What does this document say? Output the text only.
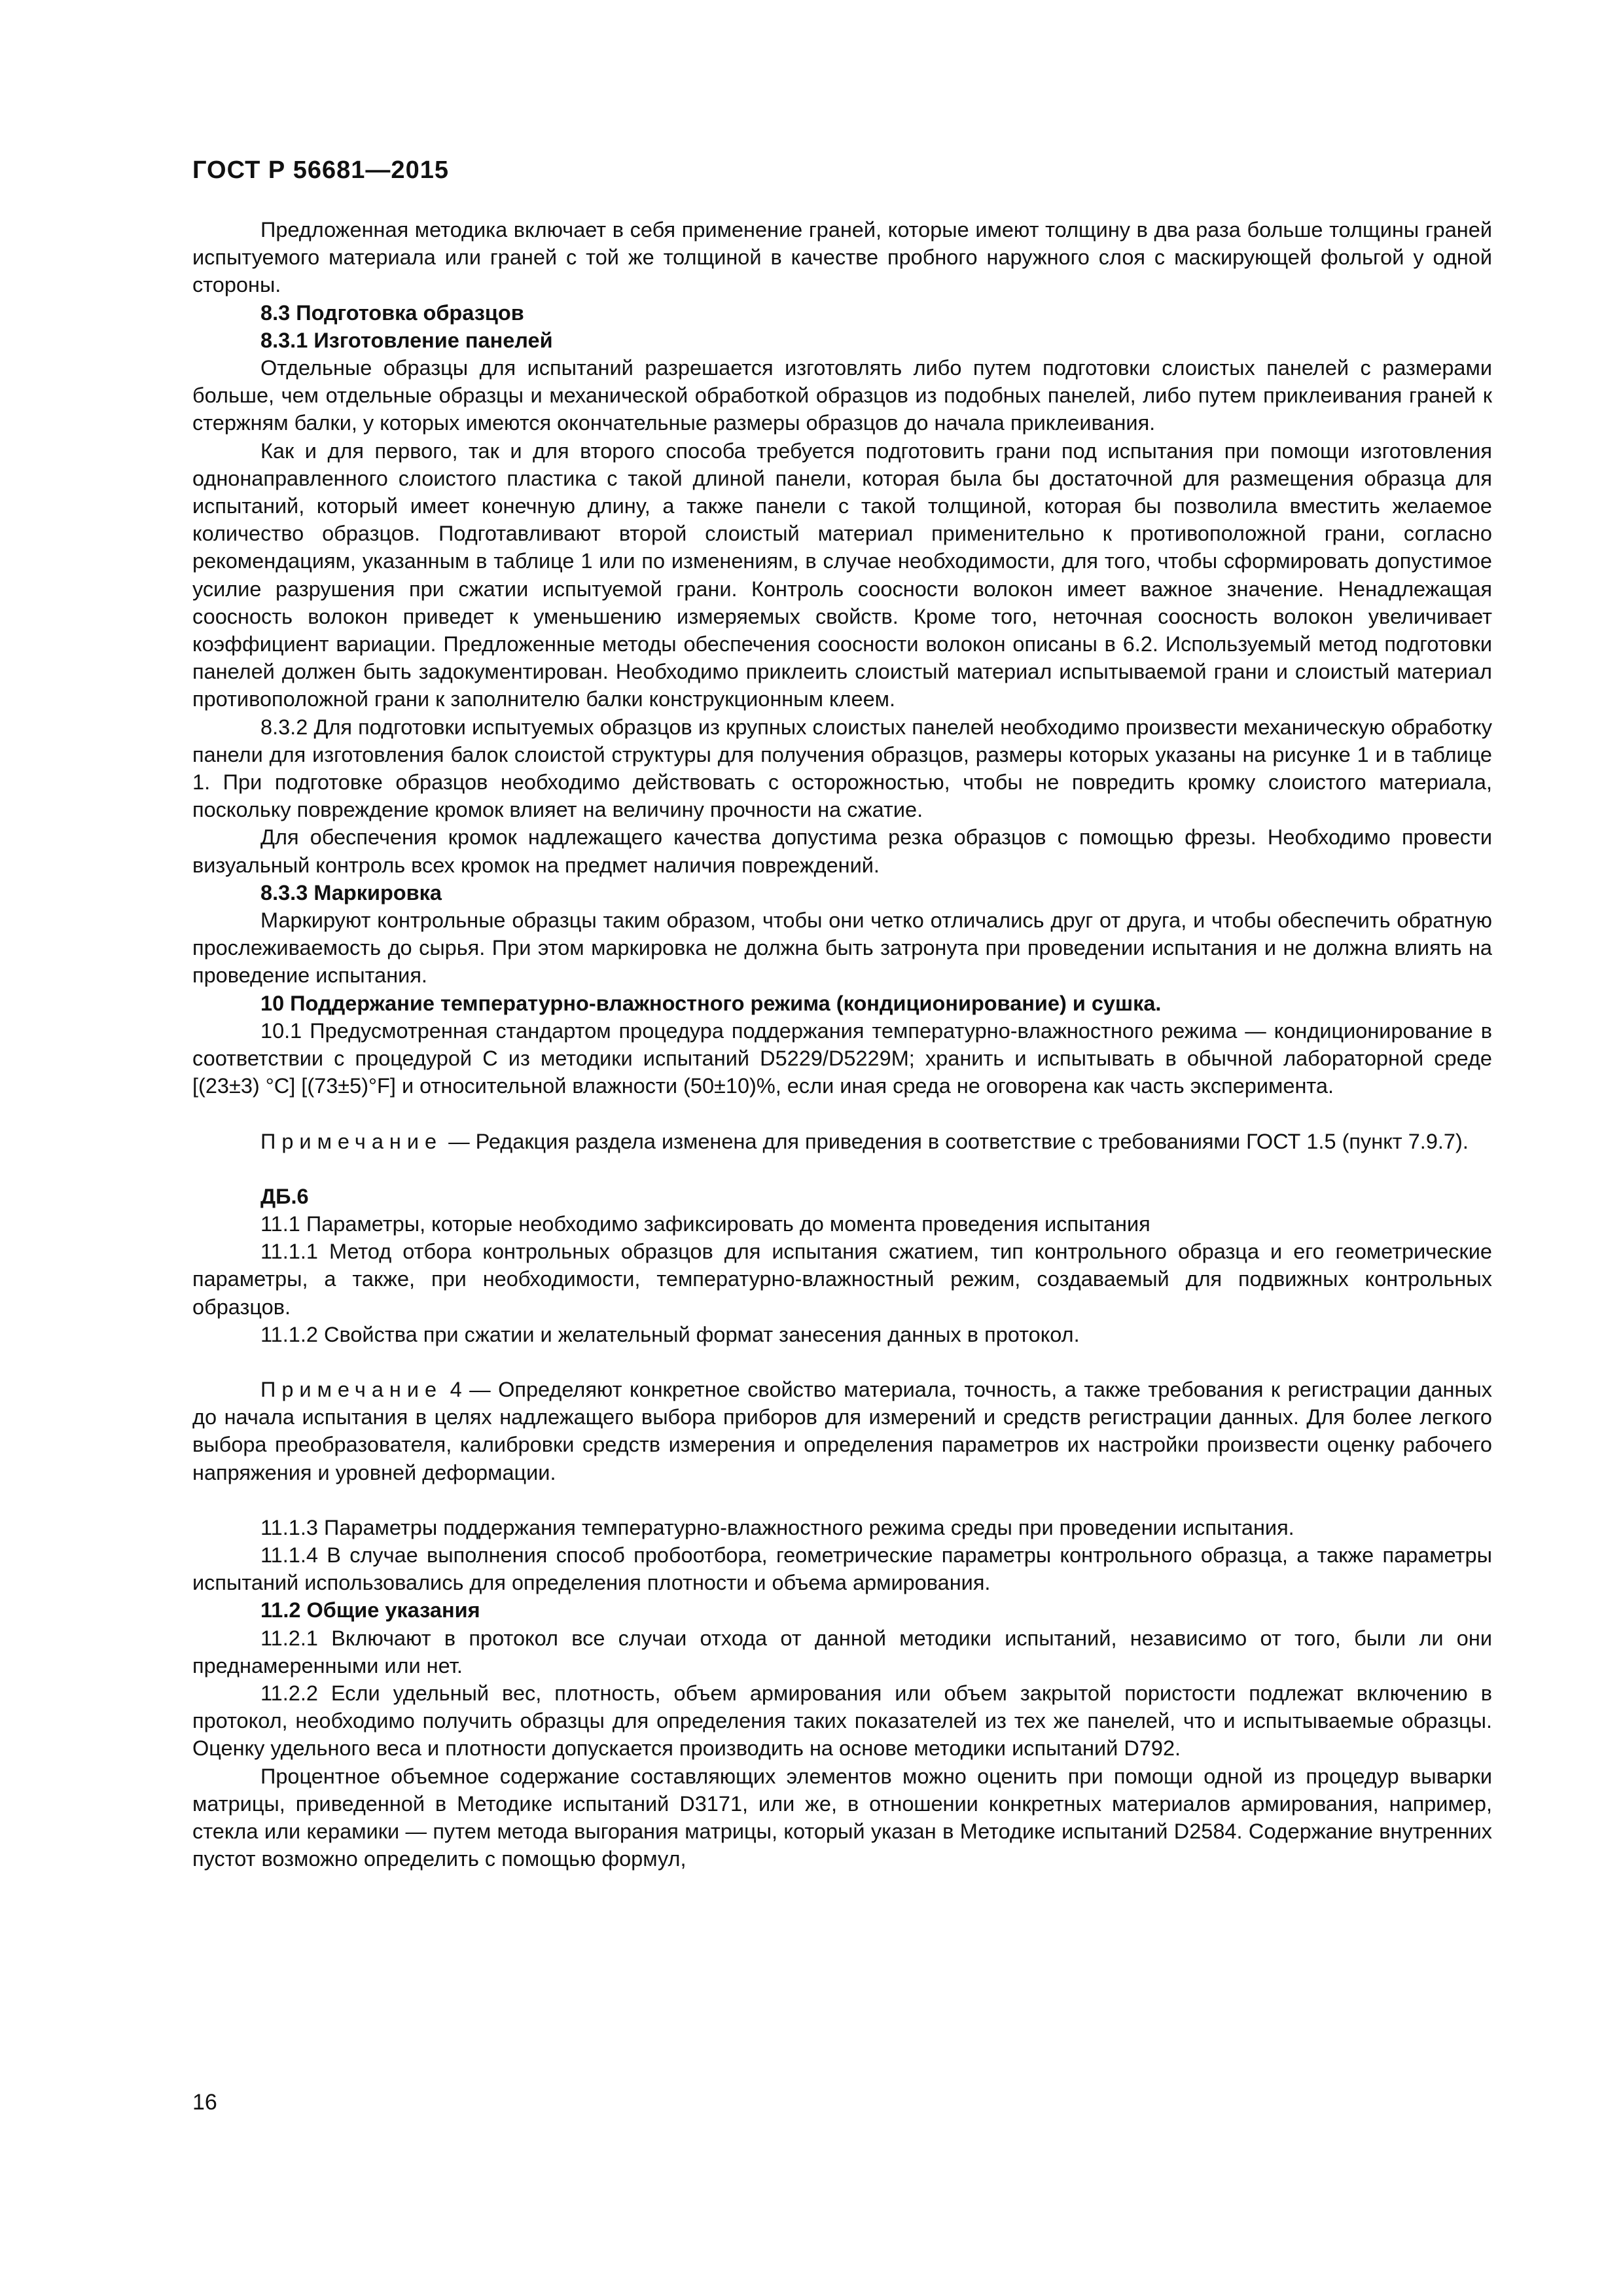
ГОСТ Р 56681—2015

Предложенная методика включает в себя применение граней, которые имеют толщину в два раза больше толщины граней испытуемого материала или граней с той же толщиной в качестве пробного наружного слоя с маскирующей фольгой у одной стороны.

8.3 Подготовка образцов

8.3.1 Изготовление панелей

Отдельные образцы для испытаний разрешается изготовлять либо путем подготовки слоистых панелей с размерами больше, чем отдельные образцы и механической обработкой образцов из подобных панелей, либо путем приклеивания граней к стержням балки, у которых имеются окончательные размеры образцов до начала приклеивания.

Как и для первого, так и для второго способа требуется подготовить грани под испытания при помощи изготовления однонаправленного слоистого пластика с такой длиной панели, которая была бы достаточной для размещения образца для испытаний, который имеет конечную длину, а также панели с такой толщиной, которая бы позволила вместить желаемое количество образцов. Подготавливают второй слоистый материал применительно к противоположной грани, согласно рекомендациям, указанным в таблице 1 или по изменениям, в случае необходимости, для того, чтобы сформировать допустимое усилие разрушения при сжатии испытуемой грани. Контроль соосности волокон имеет важное значение. Ненадлежащая соосность волокон приведет к уменьшению измеряемых свойств. Кроме того, неточная соосность волокон увеличивает коэффициент вариации. Предложенные методы обеспечения соосности волокон описаны в 6.2. Используемый метод подготовки панелей должен быть задокументирован. Необходимо приклеить слоистый материал испытываемой грани и слоистый материал противоположной грани к заполнителю балки конструкционным клеем.

8.3.2 Для подготовки испытуемых образцов из крупных слоистых панелей необходимо произвести механическую обработку панели для изготовления балок слоистой структуры для получения образцов, размеры которых указаны на рисунке 1 и в таблице 1. При подготовке образцов необходимо действовать с осторожностью, чтобы не повредить кромку слоистого материала, поскольку повреждение кромок влияет на величину прочности на сжатие.

Для обеспечения кромок надлежащего качества допустима резка образцов с помощью фрезы. Необходимо провести визуальный контроль всех кромок на предмет наличия повреждений.

8.3.3 Маркировка

Маркируют контрольные образцы таким образом, чтобы они четко отличались друг от друга, и чтобы обеспечить обратную прослеживаемость до сырья. При этом маркировка не должна быть затронута при проведении испытания и не должна влиять на проведение испытания.

10 Поддержание температурно-влажностного режима (кондиционирование) и сушка.

10.1 Предусмотренная стандартом процедура поддержания температурно-влажностного режима — кондиционирование в соответствии с процедурой С из методики испытаний D5229/D5229M; хранить и испытывать в обычной лабораторной среде [(23±3) °С] [(73±5)°F] и относительной влажности (50±10)%, если иная среда не оговорена как часть эксперимента.

Примечание — Редакция раздела изменена для приведения в соответствие с требованиями ГОСТ 1.5 (пункт 7.9.7).

ДБ.6

11.1 Параметры, которые необходимо зафиксировать до момента проведения испытания

11.1.1 Метод отбора контрольных образцов для испытания сжатием, тип контрольного образца и его геометрические параметры, а также, при необходимости, температурно-влажностный режим, создаваемый для подвижных контрольных образцов.

11.1.2 Свойства при сжатии и желательный формат занесения данных в протокол.

Примечание 4 — Определяют конкретное свойство материала, точность, а также требования к регистрации данных до начала испытания в целях надлежащего выбора приборов для измерений и средств регистрации данных. Для более легкого выбора преобразователя, калибровки средств измерения и определения параметров их настройки произвести оценку рабочего напряжения и уровней деформации.

11.1.3 Параметры поддержания температурно-влажностного режима среды при проведении испытания.

11.1.4 В случае выполнения способ пробоотбора, геометрические параметры контрольного образца, а также параметры испытаний использовались для определения плотности и объема армирования.

11.2 Общие указания

11.2.1 Включают в протокол все случаи отхода от данной методики испытаний, независимо от того, были ли они преднамеренными или нет.

11.2.2 Если удельный вес, плотность, объем армирования или объем закрытой пористости подлежат включению в протокол, необходимо получить образцы для определения таких показателей из тех же панелей, что и испытываемые образцы. Оценку удельного веса и плотности допускается производить на основе методики испытаний D792.

Процентное объемное содержание составляющих элементов можно оценить при помощи одной из процедур выварки матрицы, приведенной в Методике испытаний D3171, или же, в отношении конкретных материалов армирования, например, стекла или керамики — путем метода выгорания матрицы, который указан в Методике испытаний D2584. Содержание внутренних пустот возможно определить с помощью формул,

16
